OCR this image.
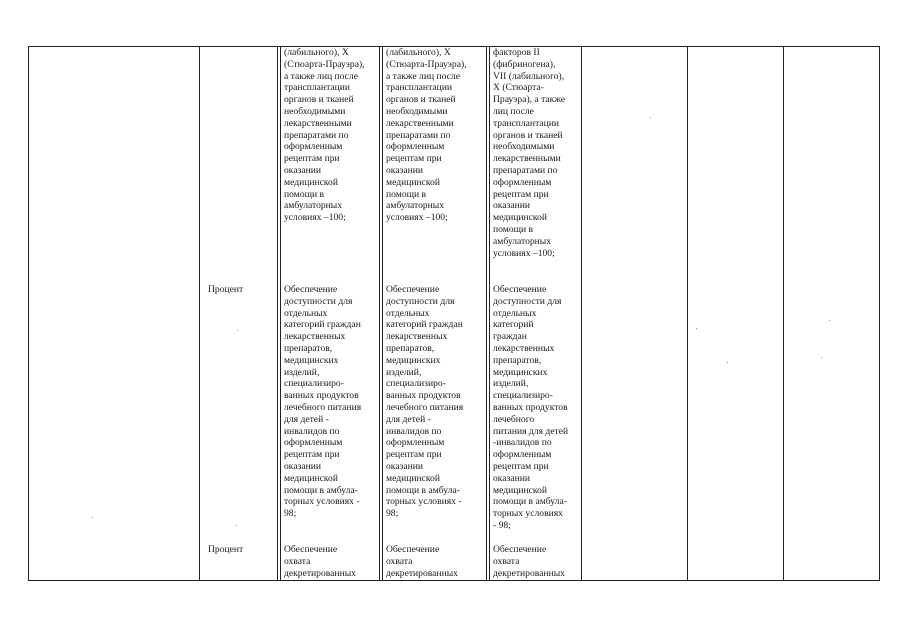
(лабильного), X
(Стюарта-Прауэра),
а также лиц после
трансплантации
органов и тканей
необходимыми
лекарственными
препаратами по
оформленным
рецептам при
оказании
медицинской
помощи в
амбулаторных
условиях –100;
(лабильного), X
(Стюарта-Прауэра),
а также лиц после
трансплантации
органов и тканей
необходимыми
лекарственными
препаратами по
оформленным
рецептам при
оказании
медицинской
помощи в
амбулаторных
условиях –100;
факторов II
(фибриногена),
VII (лабильного),
X (Стюарта-
Прауэра), а также
лиц после
трансплантации
органов и тканей
необходимыми
лекарственными
препаратами по
оформленным
рецептам при
оказании
медицинской
помощи в
амбулаторных
условиях –100;
Процент	Обеспечение
доступности для
отдельных
категорий граждан
лекарственных
препаратов,
медицинских
изделий,
специализиро-
ванных продуктов
лечебного питания
для детей -
инвалидов по
оформленным
рецептам при
оказании
медицинской
помощи в амбула-
торных условиях -
98;
Обеспечение
доступности для
отдельных
категорий граждан
лекарственных
препаратов,
медицинских
изделий,
специализиро-
ванных продуктов
лечебного питания
для детей -
инвалидов по
оформленным
рецептам при
оказании
медицинской
помощи в амбула-
торных условиях -
98;
Обеспечение
доступности для
отдельных
категорий
граждан
лекарственных
препаратов,
медицинских
изделий,
специализиро-
ванных продуктов
лечебного
питания для детей
-инвалидов по
оформленным
рецептам при
оказании
медицинской
помощи в амбула-
торных условиях
- 98;
Процент	Обеспечение
охвата
декретированных
Обеспечение
охвата
декретированных
Обеспечение
охвата
декретированных
